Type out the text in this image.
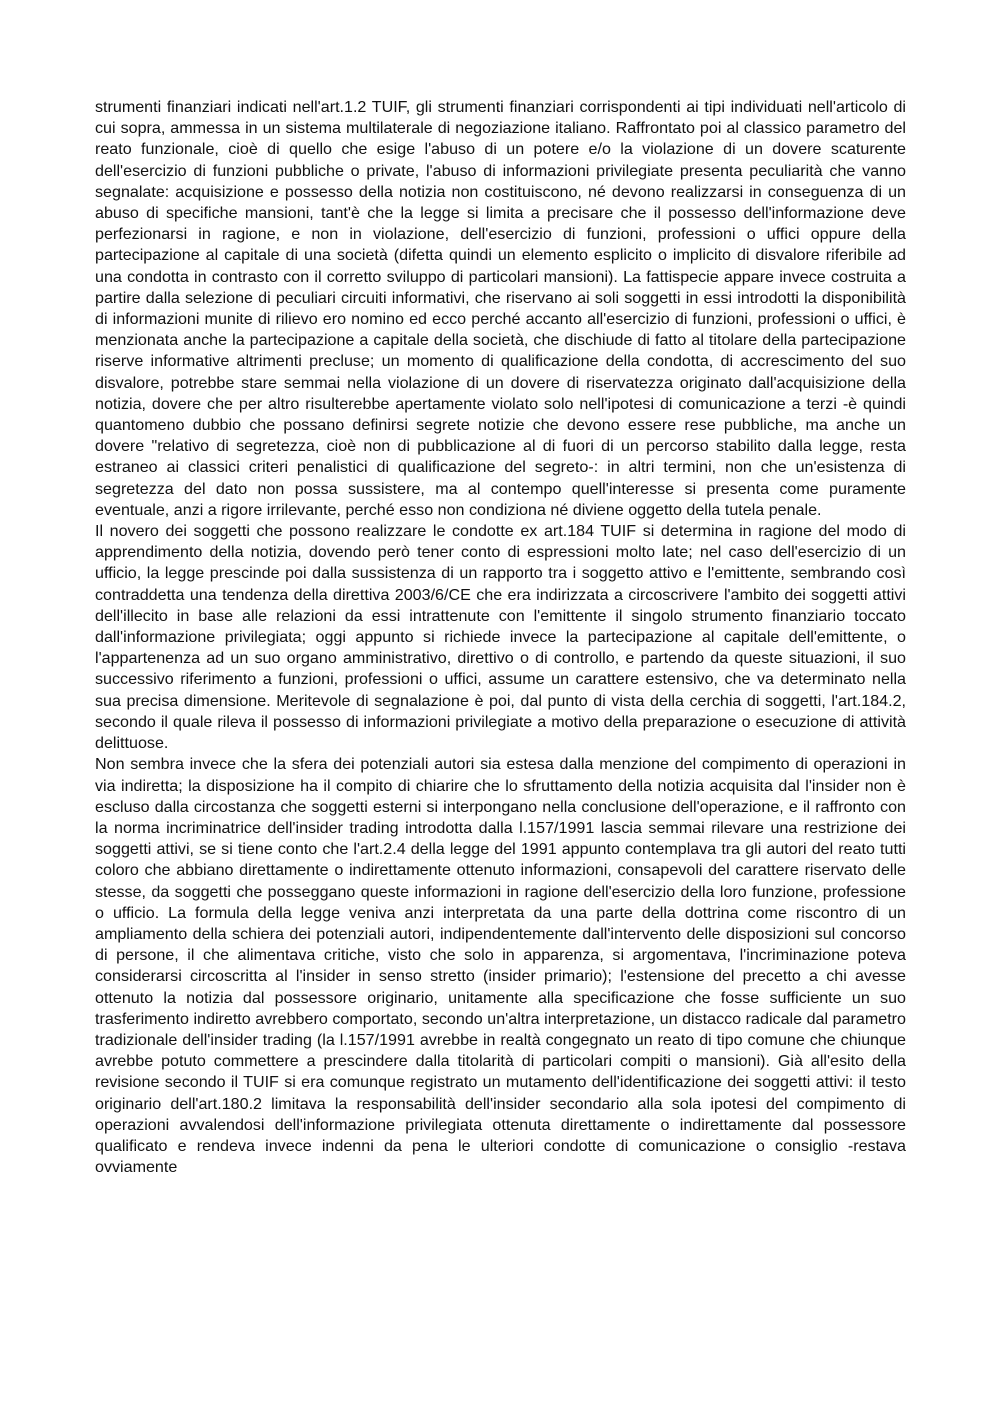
strumenti finanziari indicati nell'art.1.2 TUIF, gli strumenti finanziari corrispondenti ai tipi individuati nell'articolo di cui sopra, ammessa in un sistema multilaterale di negoziazione italiano. Raffrontato poi al classico parametro del reato funzionale, cioè di quello che esige l'abuso di un potere e/o la violazione di un dovere scaturente dell'esercizio di funzioni pubbliche o private, l'abuso di informazioni privilegiate presenta peculiarità che vanno segnalate: acquisizione e possesso della notizia non costituiscono, né devono realizzarsi in conseguenza di un abuso di specifiche mansioni, tant'è che la legge si limita a precisare che il possesso dell'informazione deve perfezionarsi in ragione, e non in violazione, dell'esercizio di funzioni, professioni o uffici oppure della partecipazione al capitale di una società (difetta quindi un elemento esplicito o implicito di disvalore riferibile ad una condotta in contrasto con il corretto sviluppo di particolari mansioni). La fattispecie appare invece costruita a partire dalla selezione di peculiari circuiti informativi, che riservano ai soli soggetti in essi introdotti la disponibilità di informazioni munite di rilievo ero nomino ed ecco perché accanto all'esercizio di funzioni, professioni o uffici, è menzionata anche la partecipazione a capitale della società, che dischiude di fatto al titolare della partecipazione riserve informative altrimenti precluse; un momento di qualificazione della condotta, di accrescimento del suo disvalore, potrebbe stare semmai nella violazione di un dovere di riservatezza originato dall'acquisizione della notizia, dovere che per altro risulterebbe apertamente violato solo nell'ipotesi di comunicazione a terzi -è quindi quantomeno dubbio che possano definirsi segrete notizie che devono essere rese pubbliche, ma anche un dovere "relativo di segretezza, cioè non di pubblicazione al di fuori di un percorso stabilito dalla legge, resta estraneo ai classici criteri penalistici di qualificazione del segreto-: in altri termini, non che un'esistenza di segretezza del dato non possa sussistere, ma al contempo quell'interesse si presenta come puramente eventuale, anzi a rigore irrilevante, perché esso non condiziona né diviene oggetto della tutela penale.

Il novero dei soggetti che possono realizzare le condotte ex art.184 TUIF si determina in ragione del modo di apprendimento della notizia, dovendo però tener conto di espressioni molto late; nel caso dell'esercizio di un ufficio, la legge prescinde poi dalla sussistenza di un rapporto tra i soggetto attivo e l'emittente, sembrando così contraddetta una tendenza della direttiva 2003/6/CE che era indirizzata a circoscrivere l'ambito dei soggetti attivi dell'illecito in base alle relazioni da essi intrattenute con l'emittente il singolo strumento finanziario toccato dall'informazione privilegiata; oggi appunto si richiede invece la partecipazione al capitale dell'emittente, o l'appartenenza ad un suo organo amministrativo, direttivo o di controllo, e partendo da queste situazioni, il suo successivo riferimento a funzioni, professioni o uffici, assume un carattere estensivo, che va determinato nella sua precisa dimensione. Meritevole di segnalazione è poi, dal punto di vista della cerchia di soggetti, l'art.184.2, secondo il quale rileva il possesso di informazioni privilegiate a motivo della preparazione o esecuzione di attività delittuose.

Non sembra invece che la sfera dei potenziali autori sia estesa dalla menzione del compimento di operazioni in via indiretta; la disposizione ha il compito di chiarire che lo sfruttamento della notizia acquisita dal l'insider non è escluso dalla circostanza che soggetti esterni si interpongano nella conclusione dell'operazione, e il raffronto con la norma incriminatrice dell'insider trading introdotta dalla l.157/1991 lascia semmai rilevare una restrizione dei soggetti attivi, se si tiene conto che l'art.2.4 della legge del 1991 appunto contemplava tra gli autori del reato tutti coloro che abbiano direttamente o indirettamente ottenuto informazioni, consapevoli del carattere riservato delle stesse, da soggetti che posseggano queste informazioni in ragione dell'esercizio della loro funzione, professione o ufficio. La formula della legge veniva anzi interpretata da una parte della dottrina come riscontro di un ampliamento della schiera dei potenziali autori, indipendentemente dall'intervento delle disposizioni sul concorso di persone, il che alimentava critiche, visto che solo in apparenza, si argomentava, l'incriminazione poteva considerarsi circoscritta al l'insider in senso stretto (insider primario); l'estensione del precetto a chi avesse ottenuto la notizia dal possessore originario, unitamente alla specificazione che fosse sufficiente un suo trasferimento indiretto avrebbero comportato, secondo un'altra interpretazione, un distacco radicale dal parametro tradizionale dell'insider trading (la l.157/1991 avrebbe in realtà congegnato un reato di tipo comune che chiunque avrebbe potuto commettere a prescindere dalla titolarità di particolari compiti o mansioni). Già all'esito della revisione secondo il TUIF si era comunque registrato un mutamento dell'identificazione dei soggetti attivi: il testo originario dell'art.180.2 limitava la responsabilità dell'insider secondario alla sola ipotesi del compimento di operazioni avvalendosi dell'informazione privilegiata ottenuta direttamente o indirettamente dal possessore qualificato e rendeva invece indenni da pena le ulteriori condotte di comunicazione o consiglio -restava ovviamente
